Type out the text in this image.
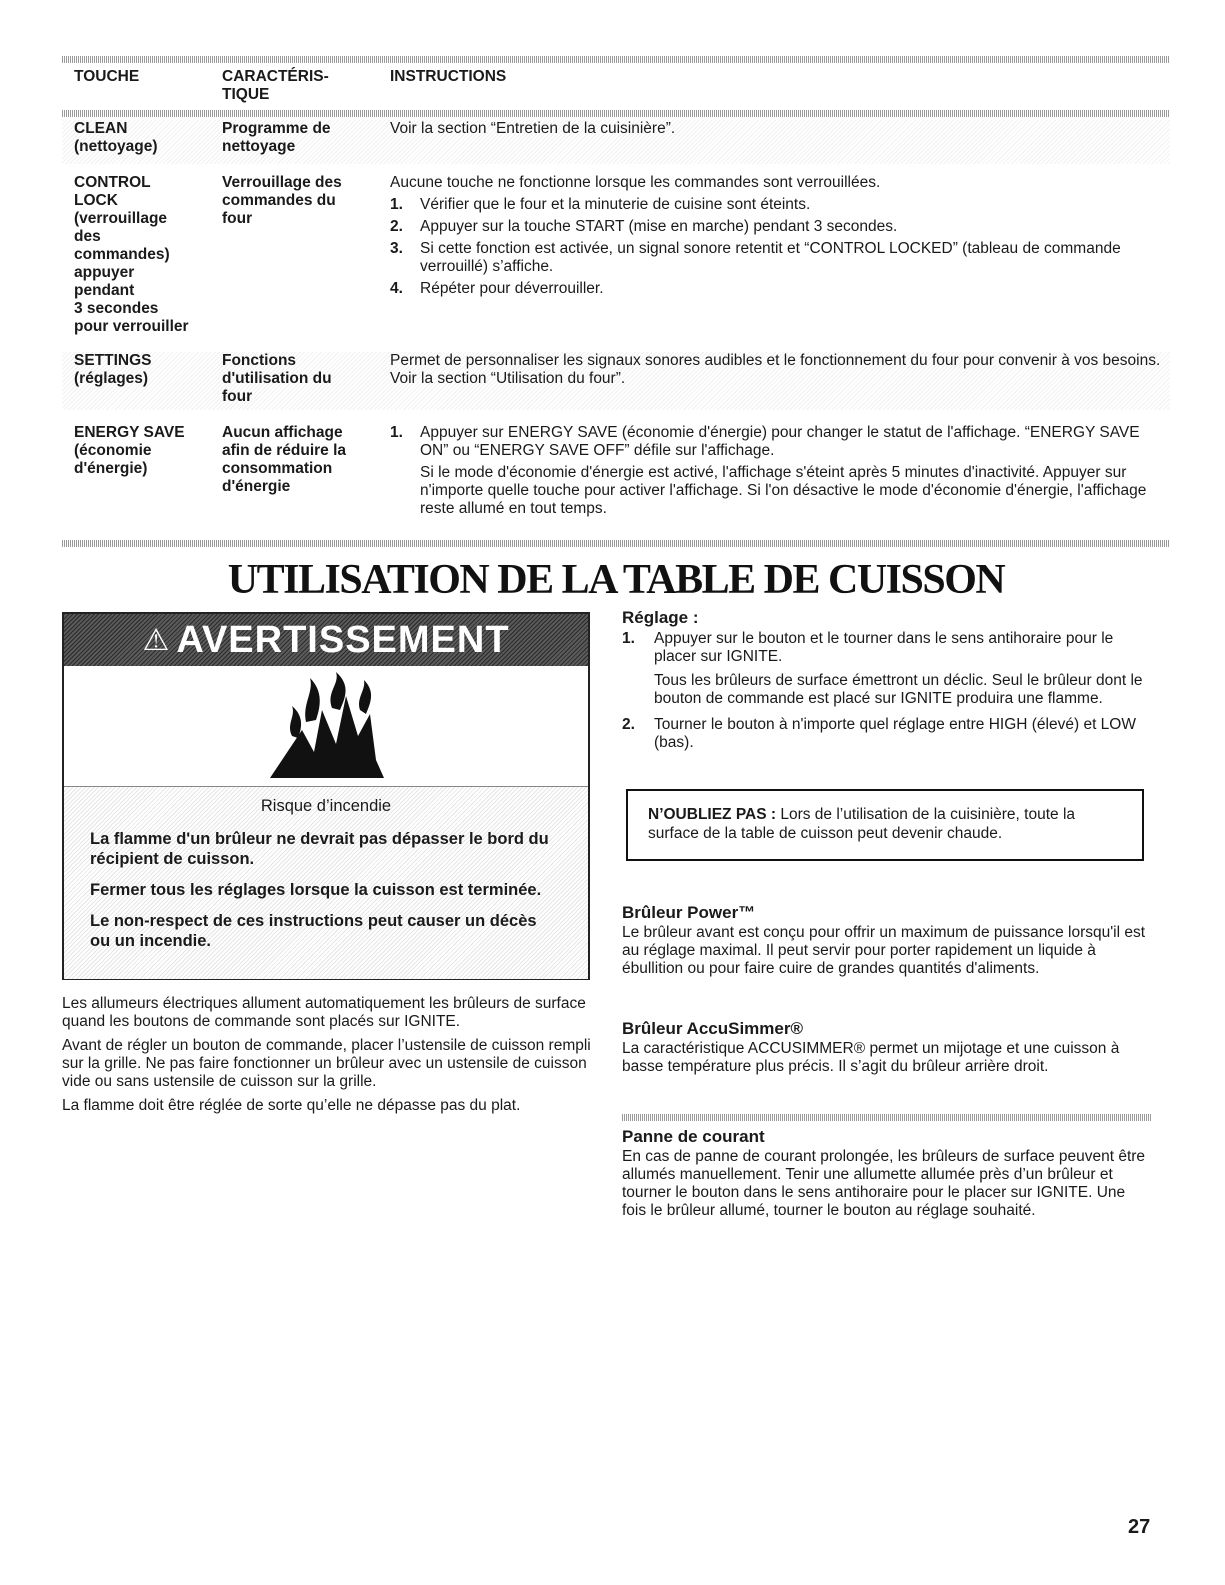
TOUCHE	CARACTÉRIS-
TIQUE
INSTRUCTIONS
CLEAN
(nettoyage)
Programme de
nettoyage
Voir la section “Entretien de la cuisinière”.
CONTROL
LOCK
(verrouillage
des
commandes)
appuyer
pendant
3 secondes
pour verrouiller
Verrouillage des
commandes du
four
Aucune touche ne fonctionne lorsque les commandes sont verrouillées.
1. Vérifier que le four et la minuterie de cuisine sont éteints.
2. Appuyer sur la touche START (mise en marche) pendant 3 secondes.
3. Si cette fonction est activée, un signal sonore retentit et “CONTROL LOCKED” (tableau de commande verrouillé) s’affiche.
4. Répéter pour déverrouiller.
SETTINGS
(réglages)
Fonctions
d'utilisation du
four
Permet de personnaliser les signaux sonores audibles et le fonctionnement du four pour convenir à vos besoins. Voir la section “Utilisation du four”.
ENERGY SAVE
(économie
d'énergie)
Aucun affichage
afin de réduire la
consommation
d'énergie
1. Appuyer sur ENERGY SAVE (économie d'énergie) pour changer le statut de l'affichage. “ENERGY SAVE ON” ou “ENERGY SAVE OFF” défile sur l'affichage.

Si le mode d'économie d'énergie est activé, l'affichage s'éteint après 5 minutes d'inactivité. Appuyer sur n'importe quelle touche pour activer l'affichage. Si l'on désactive le mode d'économie d'énergie, l'affichage reste allumé en tout temps.

UTILISATION DE LA TABLE DE CUISSON
⚠ AVERTISSEMENT
Risque d’incendie

La flamme d'un brûleur ne devrait pas dépasser le bord du récipient de cuisson.

Fermer tous les réglages lorsque la cuisson est terminée.

Le non-respect de ces instructions peut causer un décès ou un incendie.

Les allumeurs électriques allument automatiquement les brûleurs de surface quand les boutons de commande sont placés sur IGNITE.

Avant de régler un bouton de commande, placer l’ustensile de cuisson rempli sur la grille. Ne pas faire fonctionner un brûleur avec un ustensile de cuisson vide ou sans ustensile de cuisson sur la grille.

La flamme doit être réglée de sorte qu’elle ne dépasse pas du plat.

Réglage :
1. Appuyer sur le bouton et le tourner dans le sens antihoraire pour le placer sur IGNITE.

Tous les brûleurs de surface émettront un déclic. Seul le brûleur dont le bouton de commande est placé sur IGNITE produira une flamme.

2. Tourner le bouton à n'importe quel réglage entre HIGH (élevé) et LOW (bas).
N’OUBLIEZ PAS : Lors de l’utilisation de la cuisinière, toute la surface de la table de cuisson peut devenir chaude.
Brûleur Power™

Le brûleur avant est conçu pour offrir un maximum de puissance lorsqu'il est au réglage maximal. Il peut servir pour porter rapidement un liquide à ébullition ou pour faire cuire de grandes quantités d'aliments.

Brûleur AccuSimmer®

La caractéristique ACCUSIMMER® permet un mijotage et une cuisson à basse température plus précis. Il s’agit du brûleur arrière droit.

Panne de courant

En cas de panne de courant prolongée, les brûleurs de surface peuvent être allumés manuellement. Tenir une allumette allumée près d’un brûleur et tourner le bouton dans le sens antihoraire pour le placer sur IGNITE. Une fois le brûleur allumé, tourner le bouton au réglage souhaité.

27
